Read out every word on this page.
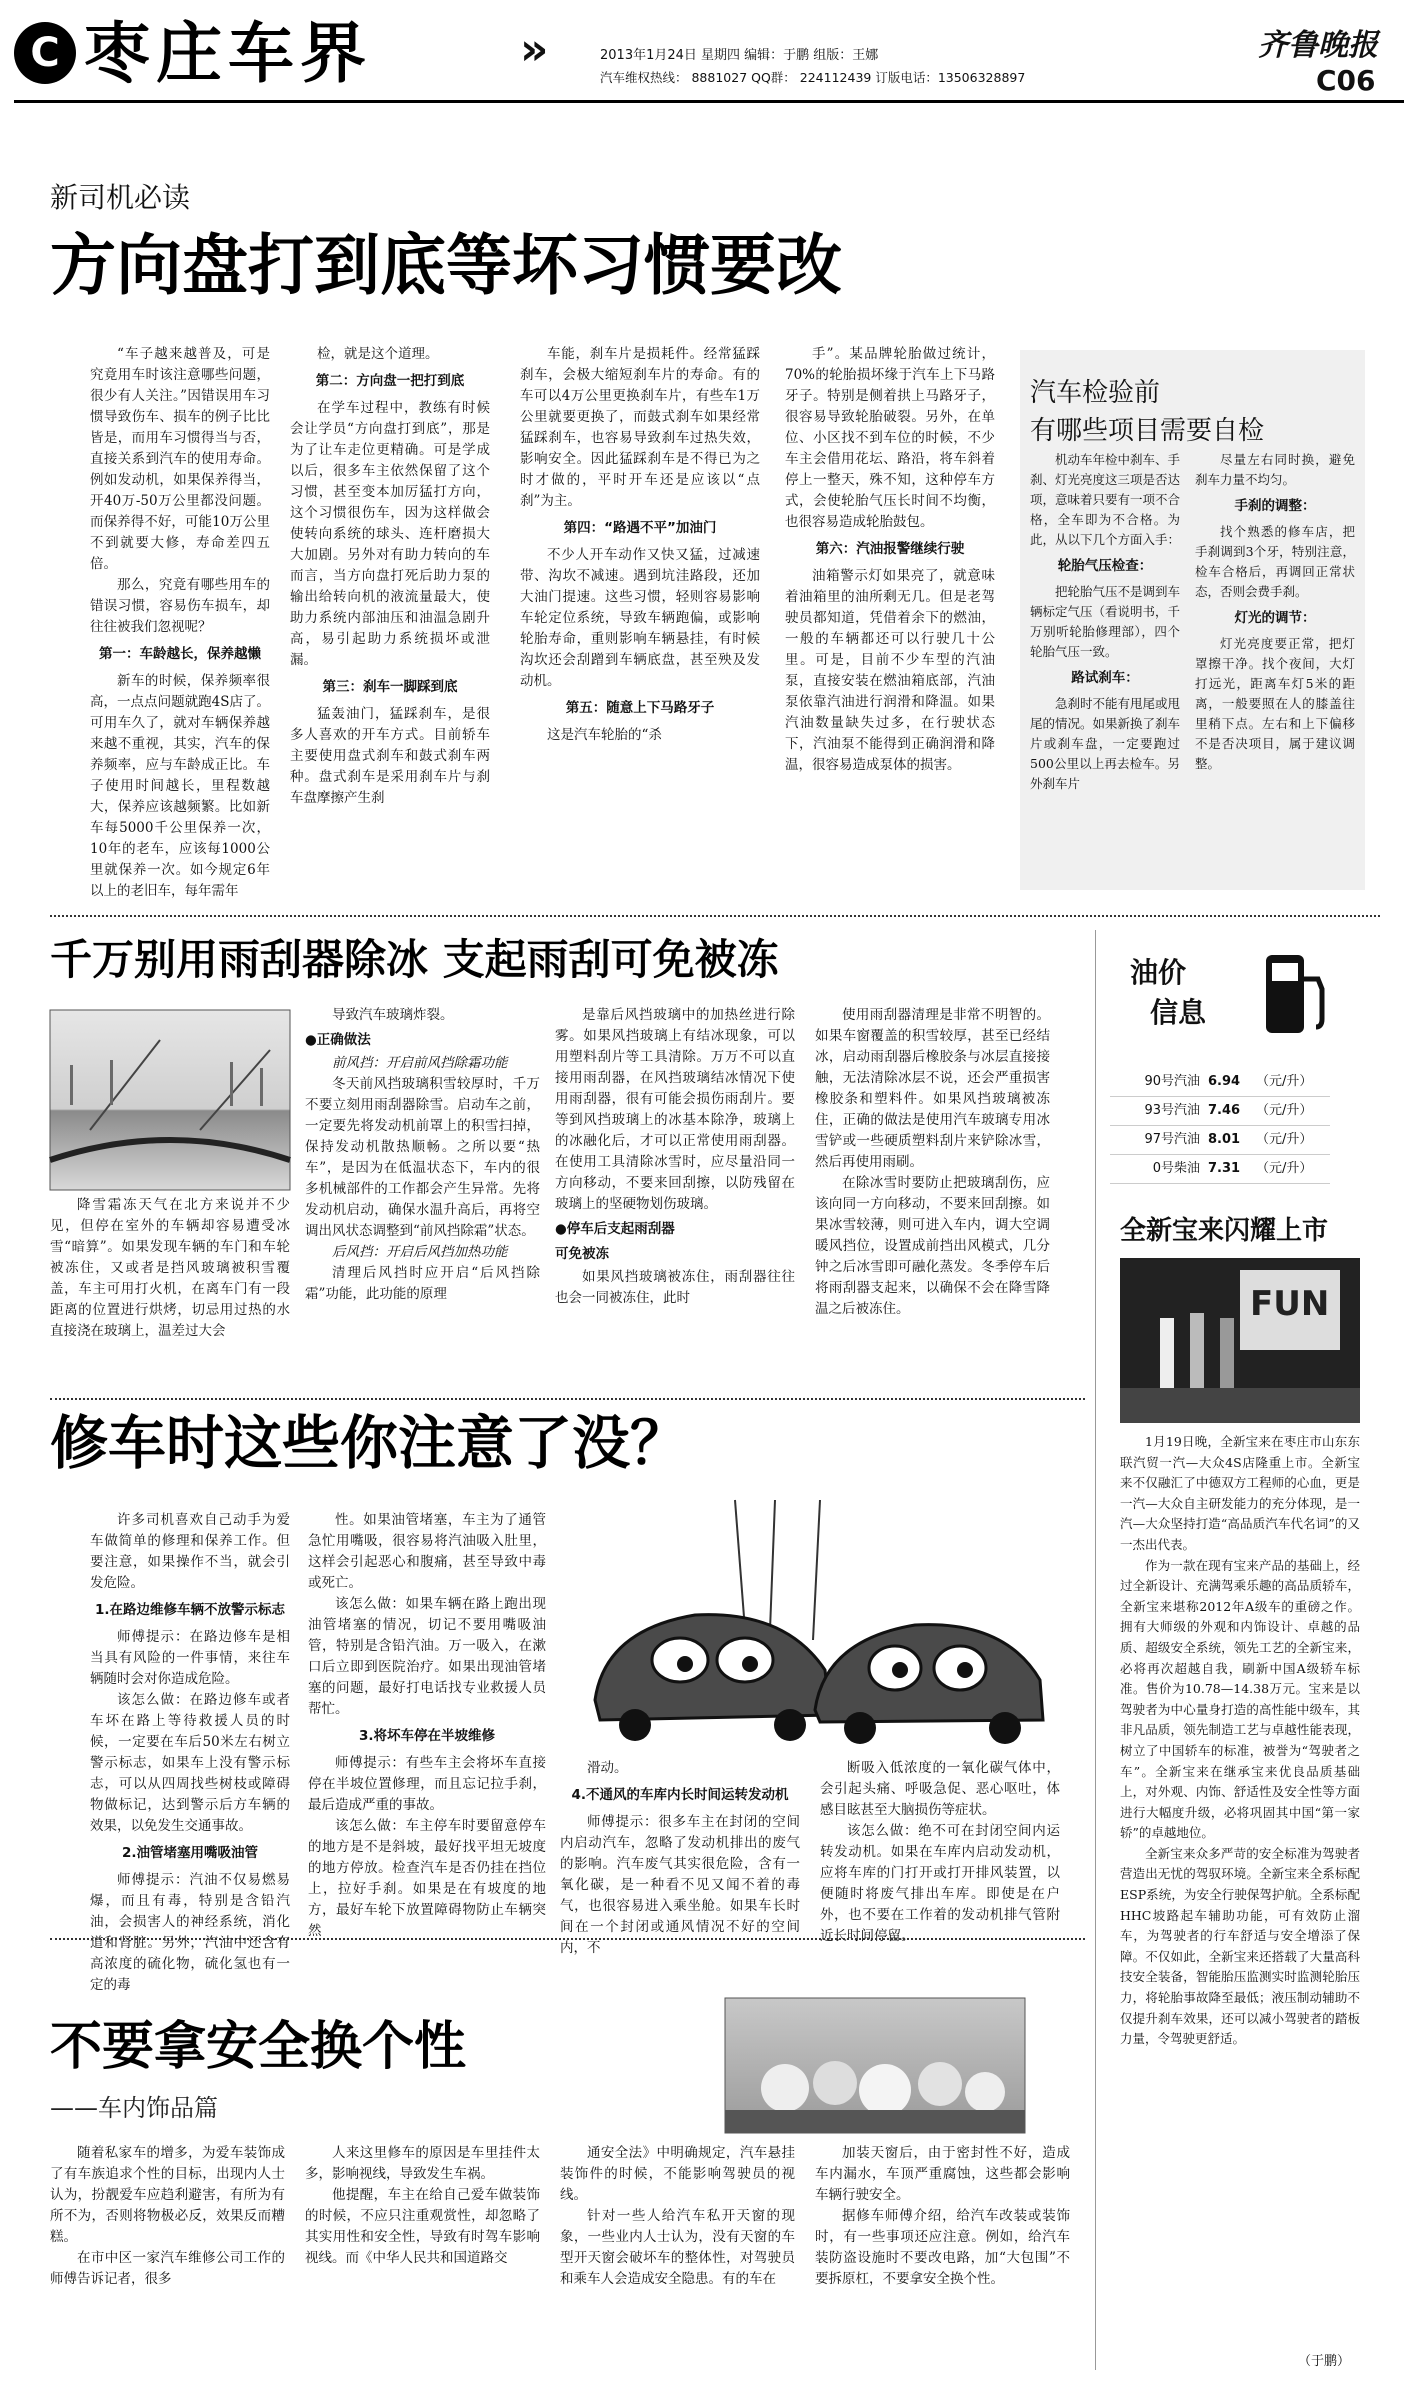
C 枣庄车界	»	2013年1月24日 星期四 编辑：于鹏 组版：王娜
汽车维权热线： 8881027 QQ群： 224112439 订版电话：13506328897
齐鲁晚报
C06
新司机必读
方向盘打到底等坏习惯要改

“车子越来越普及，可是究竟用车时该注意哪些问题，很少有人关注。”因错误用车习惯导致伤车、损车的例子比比皆是，而用车习惯得当与否，直接关系到汽车的使用寿命。例如发动机，如果保养得当，开40万-50万公里都没问题。而保养得不好，可能10万公里不到就要大修，寿命差四五倍。

那么，究竟有哪些用车的错误习惯，容易伤车损车，却往往被我们忽视呢？

第一：车龄越长，保养越懒

新车的时候，保养频率很高，一点点问题就跑4S店了。可用车久了，就对车辆保养越来越不重视，其实，汽车的保养频率，应与车龄成正比。车子使用时间越长，里程数越大，保养应该越频繁。比如新车每5000千公里保养一次，10年的老车，应该每1000公里就保养一次。如今规定6年以上的老旧车，每年需年

检，就是这个道理。

第二：方向盘一把打到底

在学车过程中，教练有时候会让学员“方向盘打到底”，那是为了让车走位更精确。可是学成以后，很多车主依然保留了这个习惯，甚至变本加厉猛打方向，这个习惯很伤车，因为这样做会使转向系统的球头、连杆磨损大大加剧。另外对有助力转向的车而言，当方向盘打死后助力泵的输出给转向机的液流量最大，使助力系统内部油压和油温急剧升高，易引起助力系统损坏或泄漏。

第三：刹车一脚踩到底

猛轰油门，猛踩刹车，是很多人喜欢的开车方式。目前轿车主要使用盘式刹车和鼓式刹车两种。盘式刹车是采用刹车片与刹车盘摩擦产生刹

车能，刹车片是损耗件。经常猛踩刹车，会极大缩短刹车片的寿命。有的车可以4万公里更换刹车片，有些车1万公里就要更换了，而鼓式刹车如果经常猛踩刹车，也容易导致刹车过热失效，影响安全。因此猛踩刹车是不得已为之时才做的，平时开车还是应该以“点刹”为主。

第四：“路遇不平”加油门

不少人开车动作又快又猛，过减速带、沟坎不减速。遇到坑洼路段，还加大油门提速。这些习惯，轻则容易影响车轮定位系统，导致车辆跑偏，或影响轮胎寿命，重则影响车辆悬挂，有时候沟坎还会刮蹭到车辆底盘，甚至殃及发动机。

第五：随意上下马路牙子

这是汽车轮胎的“杀

手”。某品牌轮胎做过统计，70%的轮胎损坏缘于汽车上下马路牙子。特别是侧着拱上马路牙子，很容易导致轮胎破裂。另外，在单位、小区找不到车位的时候，不少车主会借用花坛、路沿，将车斜着停上一整天，殊不知，这种停车方式，会使轮胎气压长时间不均衡，也很容易造成轮胎鼓包。

第六：汽油报警继续行驶

油箱警示灯如果亮了，就意味着油箱里的油所剩无几。但是老驾驶员都知道，凭借着余下的燃油，一般的车辆都还可以行驶几十公里。可是，目前不少车型的汽油泵，直接安装在燃油箱底部，汽油泵依靠汽油进行润滑和降温。如果汽油数量缺失过多，在行驶状态下，汽油泵不能得到正确润滑和降温，很容易造成泵体的损害。

汽车检验前
有哪些项目需要自检

机动车年检中刹车、手刹、灯光亮度这三项是否达项，意味着只要有一项不合格，全车即为不合格。为此，从以下几个方面入手：

轮胎气压检查：

把轮胎气压不是调到车辆标定气压（看说明书，千万别听轮胎修理部），四个轮胎气压一致。

路试刹车：

急刹时不能有甩尾或甩尾的情况。如果新换了刹车片或刹车盘，一定要跑过500公里以上再去检车。另外刹车片

尽量左右同时换，避免刹车力量不均匀。

手刹的调整：

找个熟悉的修车店，把手刹调到3个牙，特别注意，检车合格后，再调回正常状态，否则会费手刹。

灯光的调节：

灯光亮度要正常，把灯罩擦干净。找个夜间，大灯打远光，距离车灯5米的距离，一般要照在人的膝盖往里稍下点。左右和上下偏移不是否决项目，属于建议调整。

千万别用雨刮器除冰 支起雨刮可免被冻

降雪霜冻天气在北方来说并不少见，但停在室外的车辆却容易遭受冰雪“暗算”。如果发现车辆的车门和车轮被冻住，又或者是挡风玻璃被积雪覆盖，车主可用打火机，在离车门有一段距离的位置进行烘烤，切忌用过热的水直接浇在玻璃上，温差过大会

导致汽车玻璃炸裂。

●正确做法

前风挡：开启前风挡除霜功能

冬天前风挡玻璃积雪较厚时，千万不要立刻用雨刮器除雪。启动车之前，一定要先将发动机前罩上的积雪扫掉，保持发动机散热顺畅。之所以要“热车”，是因为在低温状态下，车内的很多机械部件的工作都会产生异常。先将发动机启动，确保水温升高后，再将空调出风状态调整到“前风挡除霜”状态。

后风挡：开启后风挡加热功能

清理后风挡时应开启“后风挡除霜”功能，此功能的原理

是靠后风挡玻璃中的加热丝进行除雾。如果风挡玻璃上有结冰现象，可以用塑料刮片等工具清除。万万不可以直接用雨刮器，在风挡玻璃结冰情况下使用雨刮器，很有可能会损伤雨刮片。要等到风挡玻璃上的冰基本除净，玻璃上的冰融化后，才可以正常使用雨刮器。在使用工具清除冰雪时，应尽量沿同一方向移动，不要来回刮擦，以防残留在玻璃上的坚硬物划伤玻璃。

●停车后支起雨刮器
可免被冻

如果风挡玻璃被冻住，雨刮器往往也会一同被冻住，此时

使用雨刮器清理是非常不明智的。如果车窗覆盖的积雪较厚，甚至已经结冰，启动雨刮器后橡胶条与冰层直接接触，无法清除冰层不说，还会严重损害橡胶条和塑料件。如果风挡玻璃被冻住，正确的做法是使用汽车玻璃专用冰雪铲或一些硬质塑料刮片来铲除冰雪，然后再使用雨刷。

在除冰雪时要防止把玻璃刮伤，应该向同一方向移动，不要来回刮擦。如果冰雪较薄，则可进入车内，调大空调暖风挡位，设置成前挡出风模式，几分钟之后冰雪即可融化蒸发。冬季停车后将雨刮器支起来，以确保不会在降雪降温之后被冻住。

油价
信息
90号汽油 6.94	（元/升）
93号汽油 7.46	（元/升）
97号汽油 8.01	（元/升）
0号柴油 7.31	（元/升）
全新宝来闪耀上市
FUN

1月19日晚，全新宝来在枣庄市山东东联汽贸一汽—大众4S店隆重上市。全新宝来不仅融汇了中德双方工程师的心血，更是一汽—大众自主研发能力的充分体现，是一汽—大众坚持打造“高品质汽车代名词”的又一杰出代表。

作为一款在现有宝来产品的基础上，经过全新设计、充满驾乘乐趣的高品质轿车，全新宝来堪称2012年A级车的重磅之作。拥有大师级的外观和内饰设计、卓越的品质、超级安全系统，领先工艺的全新宝来，必将再次超越自我，刷新中国A级轿车标准。售价为10.78—14.38万元。宝来是以驾驶者为中心量身打造的高性能中级车，其非凡品质，领先制造工艺与卓越性能表现，树立了中国轿车的标准，被誉为“驾驶者之车”。全新宝来在继承宝来优良品质基础上，对外观、内饰、舒适性及安全性等方面进行大幅度升级，必将巩固其中国“第一家轿”的卓越地位。

全新宝来众多严苛的安全标准为驾驶者营造出无忧的驾驭环境。全新宝来全系标配ESP系统，为安全行驶保驾护航。全系标配HHC坡路起车辅助功能，可有效防止溜车，为驾驶者的行车舒适与安全增添了保障。不仅如此，全新宝来还搭载了大量高科技安全装备，智能胎压监测实时监测轮胎压力，将轮胎事故降至最低；液压制动辅助不仅提升刹车效果，还可以减小驾驶者的踏板力量，令驾驶更舒适。

（于鹏）
修车时这些你注意了没？

许多司机喜欢自己动手为爱车做简单的修理和保养工作。但要注意，如果操作不当，就会引发危险。

1.在路边维修车辆不放警示标志

师傅提示：在路边修车是相当具有风险的一件事情，来往车辆随时会对你造成危险。

该怎么做：在路边修车或者车坏在路上等待救援人员的时候，一定要在车后50米左右树立警示标志，如果车上没有警示标志，可以从四周找些树枝或障碍物做标记，达到警示后方车辆的效果，以免发生交通事故。

2.油管堵塞用嘴吸油管

师傅提示：汽油不仅易燃易爆，而且有毒，特别是含铅汽油，会损害人的神经系统，消化道和肾脏。另外，汽油中还含有高浓度的硫化物，硫化氢也有一定的毒

性。如果油管堵塞，车主为了通管急忙用嘴吸，很容易将汽油吸入肚里，这样会引起恶心和腹痛，甚至导致中毒或死亡。

该怎么做：如果车辆在路上跑出现油管堵塞的情况，切记不要用嘴吸油管，特别是含铅汽油。万一吸入，在漱口后立即到医院治疗。如果出现油管堵塞的问题，最好打电话找专业救援人员帮忙。

3.将坏车停在半坡维修

师傅提示：有些车主会将坏车直接停在半坡位置修理，而且忘记拉手刹，最后造成严重的事故。

该怎么做：车主停车时要留意停车的地方是不是斜坡，最好找平坦无坡度的地方停放。检查汽车是否仍挂在挡位上，拉好手刹。如果是在有坡度的地方，最好车轮下放置障碍物防止车辆突然

滑动。

4.不通风的车库内长时间运转发动机

师傅提示：很多车主在封闭的空间内启动汽车，忽略了发动机排出的废气的影响。汽车废气其实很危险，含有一氧化碳，是一种看不见又闻不着的毒气，也很容易进入乘坐舱。如果车长时间在一个封闭或通风情况不好的空间内，不

断吸入低浓度的一氧化碳气体中，会引起头痛、呼吸急促、恶心呕吐，体感目眩甚至大脑损伤等症状。

该怎么做：绝不可在封闭空间内运转发动机。如果在车库内启动发动机，应将车库的门打开或打开排风装置，以便随时将废气排出车库。即使是在户外，也不要在工作着的发动机排气管附近长时间停留。

不要拿安全换个性
——车内饰品篇

随着私家车的增多，为爱车装饰成了有车族追求个性的目标，出现内人士认为，扮靓爱车应趋利避害，有所为有所不为，否则将物极必反，效果反而糟糕。

在市中区一家汽车维修公司工作的师傅告诉记者，很多

人来这里修车的原因是车里挂件太多，影响视线，导致发生车祸。

他提醒，车主在给自己爱车做装饰的时候，不应只注重观赏性，却忽略了其实用性和安全性，导致有时驾车影响视线。而《中华人民共和国道路交

通安全法》中明确规定，汽车悬挂装饰件的时候，不能影响驾驶员的视线。

针对一些人给汽车私开天窗的现象，一些业内人士认为，没有天窗的车型开天窗会破坏车的整体性，对驾驶员和乘车人会造成安全隐患。有的车在

加装天窗后，由于密封性不好，造成车内漏水，车顶严重腐蚀，这些都会影响车辆行驶安全。

据修车师傅介绍，给汽车改装或装饰时，有一些事项还应注意。例如，给汽车装防盗设施时不要改电路，加“大包围”不要拆原杠，不要拿安全换个性。
